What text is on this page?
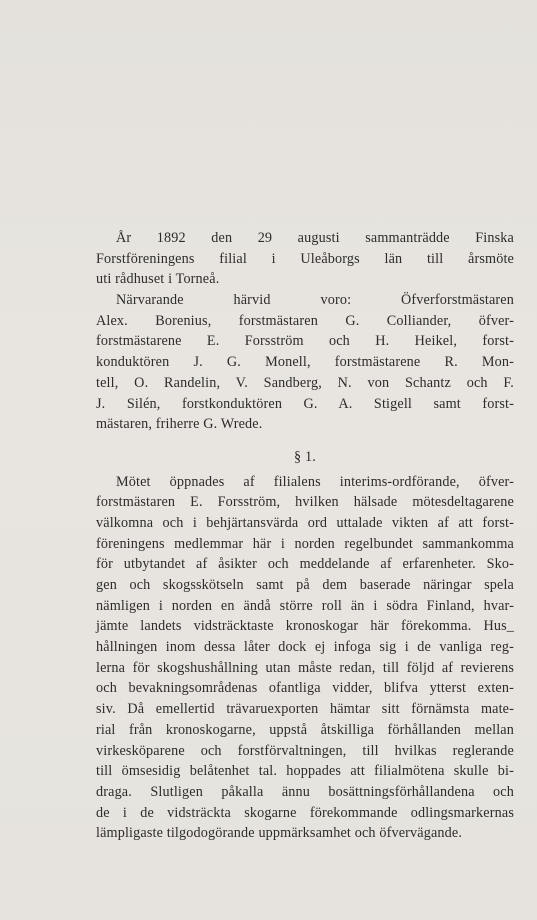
År 1892 den 29 augusti sammanträdde Finska
Forstföreningens filial i Uleåborgs län till årsmöte
uti rådhuset i Torneå.
Närvarande härvid voro: Öfverforstmästaren
Alex. Borenius, forstmästaren G. Colliander, öfver-
forstmästarene E. Forsström och H. Heikel, forst-
konduktören J. G. Monell, forstmästarene R. Mon-
tell, O. Randelin, V. Sandberg, N. von Schantz och F.
J. Silén, forstkonduktören G. A. Stigell samt forst-
mästaren, friherre G. Wrede.
§ 1.
Mötet öppnades af filialens interims-ordförande, öfver-
forstmästaren E. Forsström, hvilken hälsade mötesdeltagarene
välkomna och i behjärtansvärda ord uttalade vikten af att forst-
föreningens medlemmar här i norden regelbundet sammankomma
för utbytandet af åsikter och meddelande af erfarenheter. Sko-
gen och skogsskötseln samt på dem baserade näringar spela
nämligen i norden en ändå större roll än i södra Finland, hvar-
jämte landets vidsträcktaste kronoskogar här förekomma. Hus_
hållningen inom dessa låter dock ej infoga sig i de vanliga reg-
lerna för skogshushållning utan måste redan, till följd af revierens
och bevakningsområdenas ofantliga vidder, blifva ytterst exten-
siv. Då emellertid trävaruexporten hämtar sitt förnämsta mate-
rial från kronoskogarne, uppstå åtskilliga förhållanden mellan
virkesköparene och forstförvaltningen, till hvilkas reglerande
till ömsesidig belåtenhet tal. hoppades att filialmötena skulle bi-
draga. Slutligen påkalla ännu bosättningsförhållandena och
de i de vidsträckta skogarne förekommande odlingsmarkernas
lämpligaste tilgodogörande uppmärksamhet och öfvervägande.
